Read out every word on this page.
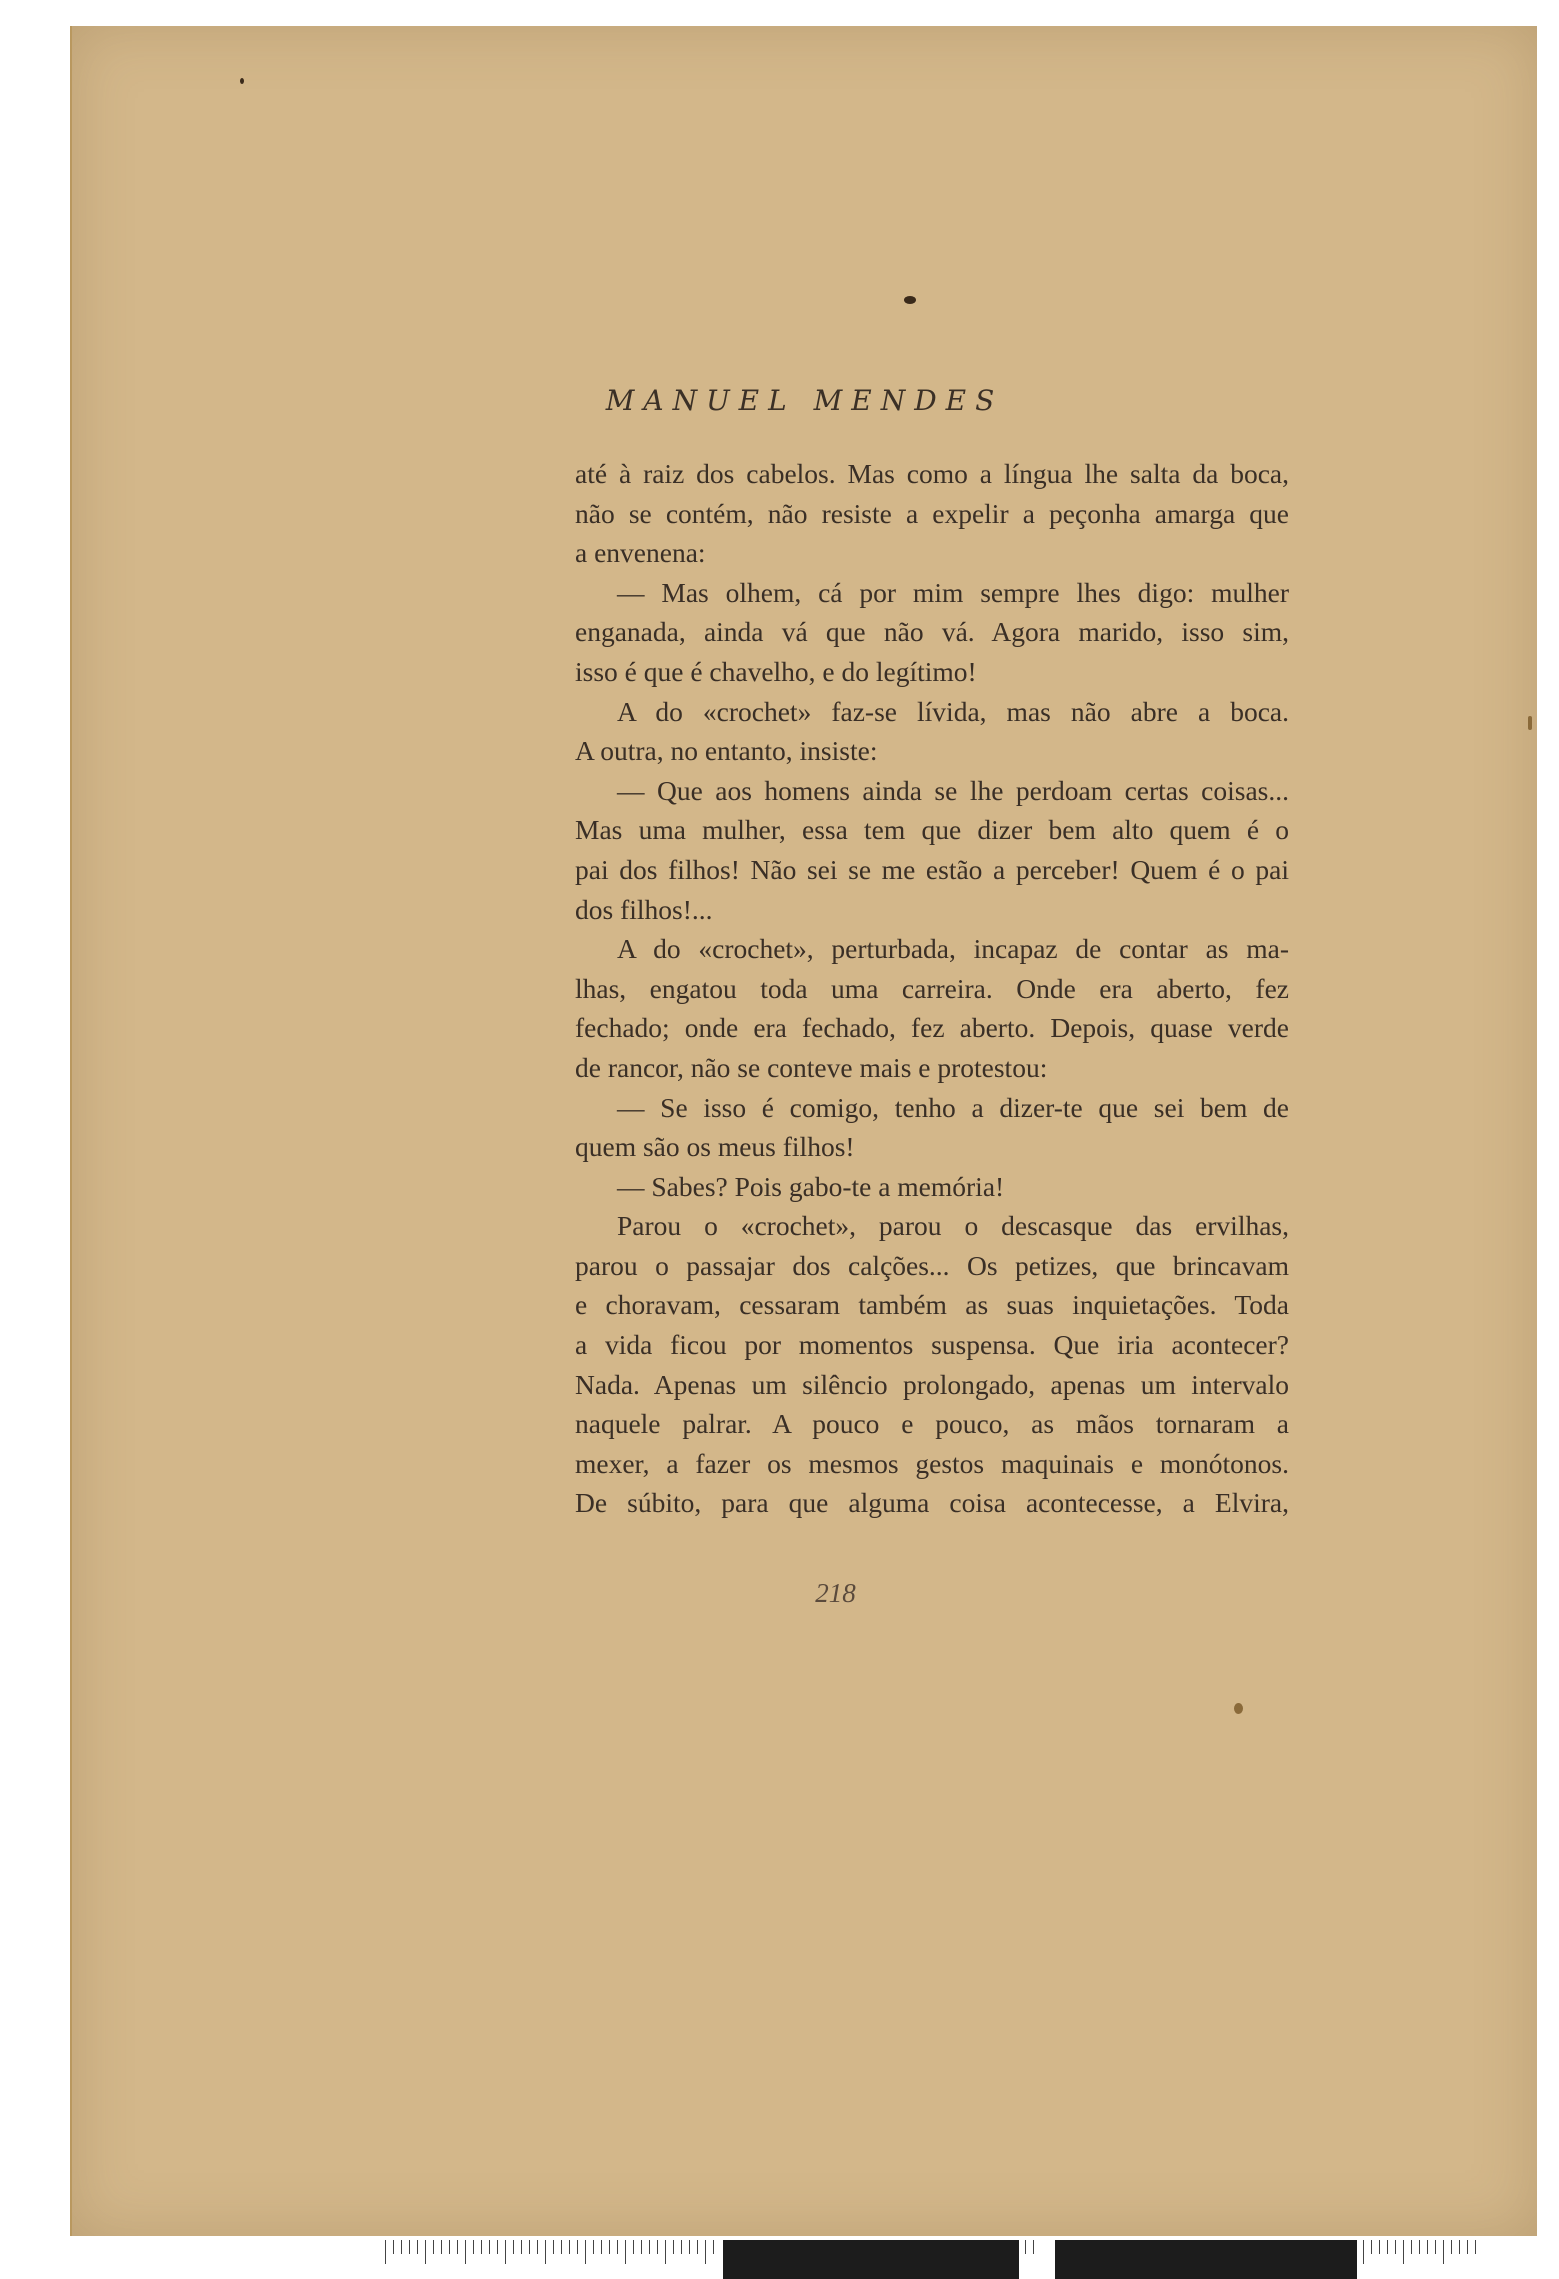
MANUEL MENDES
até à raiz dos cabelos. Mas como a língua lhe salta da boca,
não se contém, não resiste a expelir a peçonha amarga que
a envenena:
— Mas olhem, cá por mim sempre lhes digo: mulher
enganada, ainda vá que não vá. Agora marido, isso sim,
isso é que é chavelho, e do legítimo!
A do «crochet» faz-se lívida, mas não abre a boca.
A outra, no entanto, insiste:
— Que aos homens ainda se lhe perdoam certas coisas...
Mas uma mulher, essa tem que dizer bem alto quem é o
pai dos filhos! Não sei se me estão a perceber! Quem é o pai
dos filhos!...
A do «crochet», perturbada, incapaz de contar as ma-
lhas, engatou toda uma carreira. Onde era aberto, fez
fechado; onde era fechado, fez aberto. Depois, quase verde
de rancor, não se conteve mais e protestou:
— Se isso é comigo, tenho a dizer-te que sei bem de
quem são os meus filhos!
— Sabes? Pois gabo-te a memória!
Parou o «crochet», parou o descasque das ervilhas,
parou o passajar dos calções... Os petizes, que brincavam
e choravam, cessaram também as suas inquietações. Toda
a vida ficou por momentos suspensa. Que iria acontecer?
Nada. Apenas um silêncio prolongado, apenas um intervalo
naquele palrar. A pouco e pouco, as mãos tornaram a
mexer, a fazer os mesmos gestos maquinais e monótonos.
De súbito, para que alguma coisa acontecesse, a Elvira,
218
